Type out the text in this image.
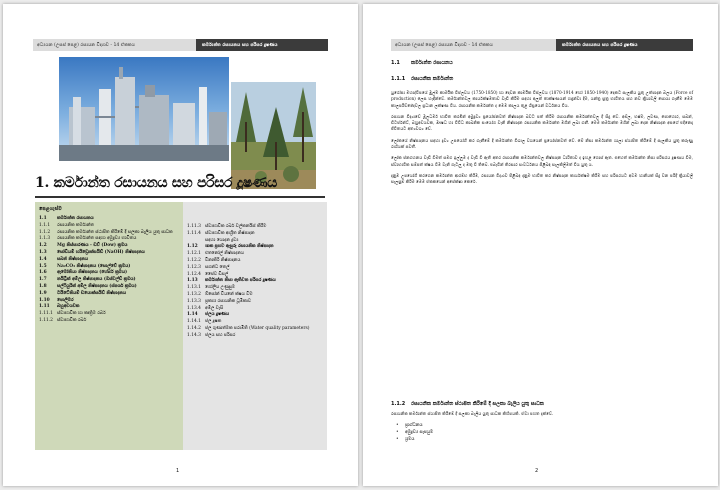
අධ්‍යයන (උසස් පෙළ) රසායන විද්‍යාව - 14 ඒකකය	කර්මාන්ත රසායනය සහ පරිසර දූෂණය
1. කර්මාන්ත රසායනය සහ පරිසර දූෂණය
පෙළගැස්ම
1.1	කර්මාන්ත රසායනය
1.1.1	රසායනික කර්මාන්ත
1.1.2	රසායනික කර්මාන්ත ස්ථාපිත කිරීමේ දී සලකා බැලිය යුතු සාධක
1.1.3	රසායනික කර්මාන්ත සඳහා අමුද්‍රව්‍ය භාවිතය
1.2	Mg නිස්සාරණය - ඩව් (Dow) ක්‍රමය
1.3	සෝඩියම් හයිඩ්‍රොක්සයිඩ් (NaOH) නිෂ්පාදනය
1.4	සබන් නිෂ්පාදනය
1.5	Na₂CO₃ නිෂ්පාදනය (සොල්වේ ක්‍රමය)
1.6	ඇමෝනියා නිෂ්පාදනය (හේබර් ක්‍රමය)
1.7	නයිට්‍රික් අම්ල නිෂ්පාදනය (ඔස්වල්ඩ් ක්‍රමය)
1.8	සල්ෆියුරික් අම්ල නිෂ්පාදනය (ස්පර්ශ ක්‍රමය)
1.9	ටයිටේනියම් ඩයොක්සයිඩ් නිෂ්පාදනය
1.10	පොලිමර
1.11	බහුඅවයවක
1.11.1 ස්වාභාවික හා කෘත්‍රිම රබර්
1.11.2 ස්වාභාවික රබර්
1.11.3 ස්වාභාවික රබර් වල්කනයිස් කිරීම
1.11.4 ස්වාභාවික ආශ්‍රිත නිෂ්පාදන
සඳහා යොදන ද්‍රව්‍ය
1.12	ශාක ප්‍රභව ඇසුරු රසායනික නිෂ්පාදන
1.12.1 එතනෝල් නිෂ්පාදනය
1.12.2 විනාකිරි නිෂ්පාදනය
1.12.3 සගන්ධ තෙල්
1.12.4 ජෛව ඩීසල්
1.13	කර්මාන්ත නිසා ඇතිවන පරිසර දූෂණය
1.13.1 ගෝලීය උණුසුම
1.13.2 ඕසෝන් වියනේ ක්ෂය වීම
1.13.3 ප්‍රකාශ රසායනික ධූමිකාව
1.13.4 අම්ල වැසි
1.14	ජලය දූෂණය
1.14.1 ජල දූෂක
1.14.2 ජල ගුණාත්මක පරාමිති (Water quality parameters)
1.14.3 ජලය සහ පරිසර
1
අධ්‍යයන (උසස් පෙළ) රසායන විද්‍යාව - 14 ඒකකය	කර්මාන්ත රසායනය සහ පරිසර දූෂණය
1.1	කර්මාන්ත රසායනය
1.1.1	රසායනික කර්මාන්ත

යුරෝපා මහාද්වීපයේ මුල්ම කාර්මික විප්ලවය (1750-1850) හා දෙවන කාර්මික විප්ලවය (1870-1914 හෝ 1850-1940) දෙකට සැලකිය යුතු උත්පාදන බලය (Force of production) ලෙස හැඳින්වේ. කර්මාන්තවල කාර්යක්ෂමතාව වැඩි කිරීම සඳහා අලුත් තාක්ෂණයන් හඳුන්වා දීම, යන්ත්‍ර සූත්‍ර භාවිතය සහ නව ක්‍රියාවලි සොයා ගැනීම මෙම කාලපරිච්ඡේදවල ප්‍රධාන ලක්ෂණ විය. රසායනික කර්මාන්ත ද මෙම කාලය තුළ ශීඝ්‍රයෙන් වර්ධනය විය.

රසායන විද්‍යාවේ මූලධර්ම භාවිත කරමින් අමුද්‍රව්‍ය ප්‍රයෝජනවත් නිෂ්පාදන බවට පත් කිරීම රසායනික කර්මාන්තවල දී සිදු වේ. අම්ල, භෂ්ම, ලවණ, පොහොර, සබන්, ඩිටර්ජන්ට්, බහුඅවයවක, ඖෂධ හා විවිධ කාබනික සංයෝග වැනි නිෂ්පාදන රසායනික කර්මාන්ත මගින් ලබා ගනී. මෙම කර්මාන්ත මගින් ලබා දෙන නිෂ්පාදන අපගේ එදිනෙදා ජීවිතයට අත්‍යවශ්‍ය වේ.

ලෝකයේ නිෂ්පාදනය සඳහා ද්‍රව්‍ය උපයෝගී කර ගැනීමේ දී කර්මාන්ත විශාල වශයෙන් ප්‍රයෝජනවත් වේ. මේ නිසා කර්මාන්ත ශාලා ස්ථාපිත කිරීමේ දී සැලකිය යුතු කරුණු රාශියක් පවතී.

ලෝක ජනගහනය වැඩි වීමත් සමග ඉල්ලුම ද වැඩි වී ඇති අතර රසායනික කර්මාන්තවල නිෂ්පාදන ධාරිතාව ද ඉහළ ගොස් ඇත. එහෙත් කර්මාන්ත නිසා පරිසරය දූෂණය වීම, ස්වාභාවික සම්පත් ක්ෂය වීම වැනි ගැටලු ද මතු වී තිබේ. එබැවින් තිරසාර සංවර්ධනය පිළිබඳ සැලකිලිමත් විය යුතු ය.

දැනුම උපයෝගී කරගෙන කර්මාන්ත ආරම්භ කිරීම, රසායන විද්‍යාව පිළිබඳ දැනුම භාවිත කර නිෂ්පාදන කාර්යක්ෂම කිරීම සහ පරිසරයට අවම හානියක් සිදු වන පරිදි ක්‍රියාවලි සැලසුම් කිරීම මෙම ඒකකයෙන් අපේක්ෂා කෙරේ.

1.1.2	රසායනික කර්මාන්ත ස්ථාපිත කිරීමේ දී සලකා බැලිය යුතු සාධක

රසායනික කර්මාන්ත ස්ථාපිත කිරීමේ දී සලකා බැලිය යුතු සාධක කිහිපයකි. ඒවා පහත දැක්වේ.

• ප්‍රාග්ධනය
• අමුද්‍රව්‍ය සැපයුම
• ශ්‍රමය
2
